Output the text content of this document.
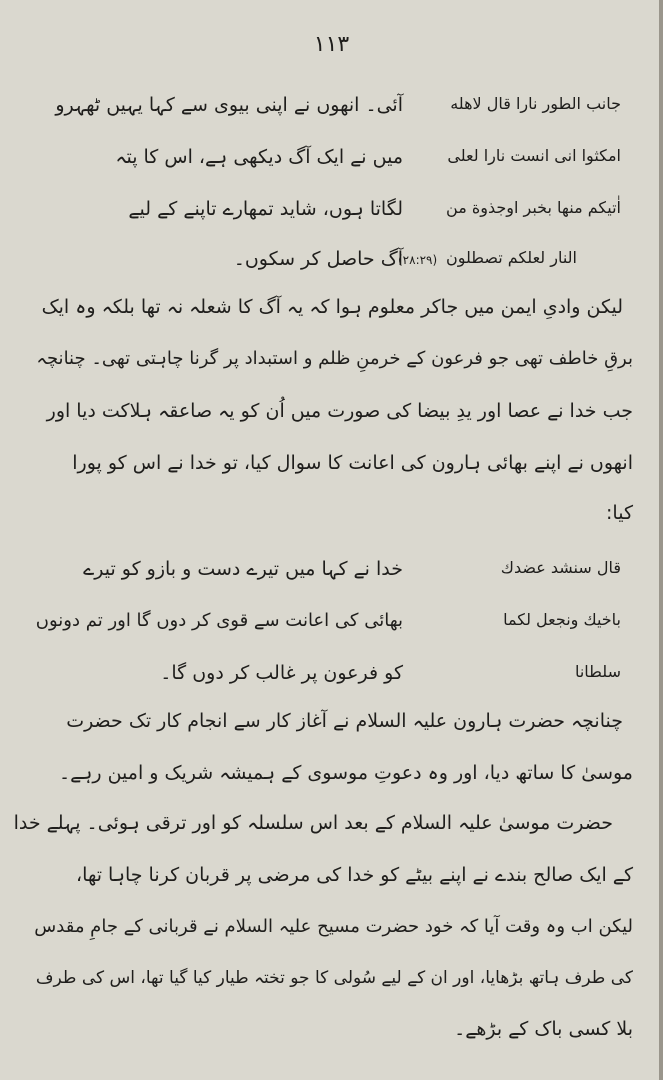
۱۱۳
جانب الطور نارا قال لاهله
امکثوا انی انست نارا لعلی
اٰتیکم منها بخبر اوجذوة من
النار لعلکم تصطلون
(۲۸:۲۹)
آئی۔ انھوں نے اپنی بیوی سے کہا یہیں ٹھہرو
میں نے ایک آگ دیکھی ہے، اس کا پتہ
لگاتا ہوں، شاید تمھارے تاپنے کے لیے
آگ حاصل کر سکوں۔
لیکن وادیِ ایمن میں جاکر معلوم ہوا کہ یہ آگ کا شعلہ نہ تھا بلکہ وہ ایک
برقِ خاطف تھی جو فرعون کے خرمنِ ظلم و استبداد پر گرنا چاہتی تھی۔ چنانچہ
جب خدا نے عصا اور یدِ بیضا کی صورت میں اُن کو یہ صاعقہ ہلاکت دیا اور
انھوں نے اپنے بھائی ہارون کی اعانت کا سوال کیا، تو خدا نے اس کو پورا
کیا:
قال سنشد عضدك
باخیك ونجعل لکما
سلطانا
خدا نے کہا میں تیرے دست و بازو کو تیرے
بھائی کی اعانت سے قوی کر دوں گا اور تم دونوں
کو فرعون پر غالب کر دوں گا۔
چنانچہ حضرت ہارون علیہ السلام نے آغاز کار سے انجام کار تک حضرت
موسیٰ کا ساتھ دیا، اور وہ دعوتِ موسوی کے ہمیشہ شریک و امین رہے۔
حضرت موسیٰ علیہ السلام کے بعد اس سلسلہ کو اور ترقی ہوئی۔ پہلے خدا
کے ایک صالح بندے نے اپنے بیٹے کو خدا کی مرضی پر قربان کرنا چاہا تھا،
لیکن اب وہ وقت آیا کہ خود حضرت مسیح علیہ السلام نے قربانی کے جامِ مقدس
کی طرف ہاتھ بڑھایا، اور ان کے لیے سُولی کا جو تختہ طیار کیا گیا تھا، اس کی طرف
بلا کسی باک کے بڑھے۔
